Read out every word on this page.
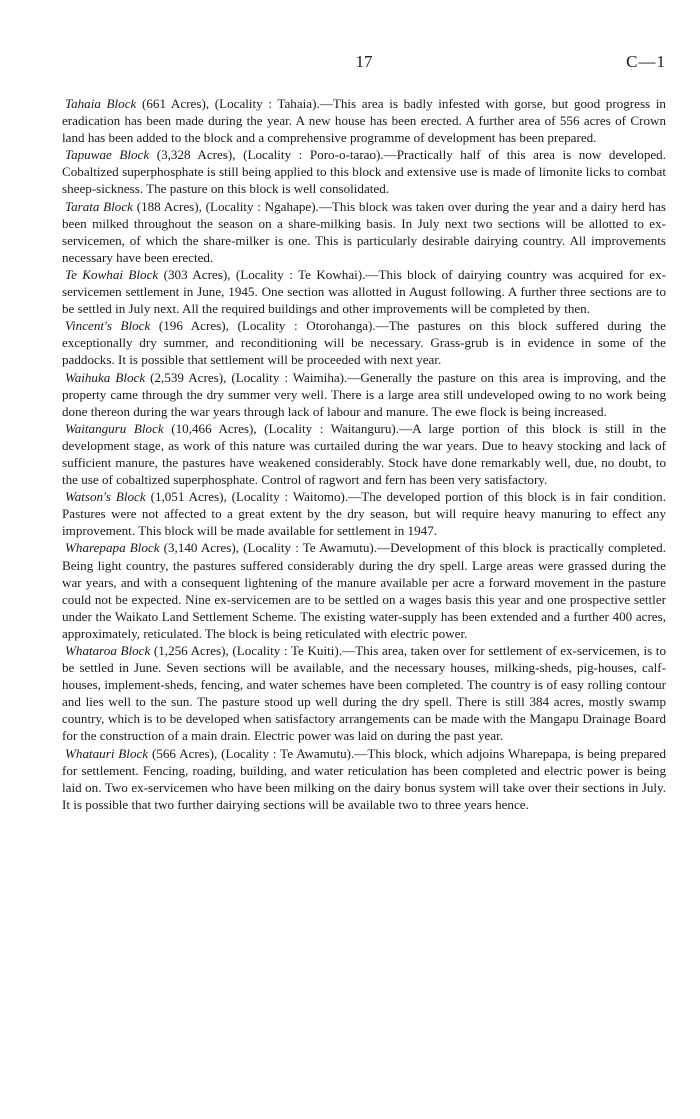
17	C—1

Tahaia Block (661 Acres), (Locality : Tahaia).—This area is badly infested with gorse, but good progress in eradication has been made during the year. A new house has been erected. A further area of 556 acres of Crown land has been added to the block and a comprehensive programme of development has been prepared.

Tapuwae Block (3,328 Acres), (Locality : Poro-o-tarao).—Practically half of this area is now developed. Cobaltized superphosphate is still being applied to this block and extensive use is made of limonite licks to combat sheep-sickness. The pasture on this block is well consolidated.

Tarata Block (188 Acres), (Locality : Ngahape).—This block was taken over during the year and a dairy herd has been milked throughout the season on a share-milking basis. In July next two sections will be allotted to ex-servicemen, of which the share-milker is one. This is particularly desirable dairying country. All improvements necessary have been erected.

Te Kowhai Block (303 Acres), (Locality : Te Kowhai).—This block of dairying country was acquired for ex-servicemen settlement in June, 1945. One section was allotted in August following. A further three sections are to be settled in July next. All the required buildings and other improvements will be completed by then.

Vincent's Block (196 Acres), (Locality : Otorohanga).—The pastures on this block suffered during the exceptionally dry summer, and reconditioning will be necessary. Grass-grub is in evidence in some of the paddocks. It is possible that settlement will be proceeded with next year.

Waihuka Block (2,539 Acres), (Locality : Waimiha).—Generally the pasture on this area is improving, and the property came through the dry summer very well. There is a large area still undeveloped owing to no work being done thereon during the war years through lack of labour and manure. The ewe flock is being increased.

Waitanguru Block (10,466 Acres), (Locality : Waitanguru).—A large portion of this block is still in the development stage, as work of this nature was curtailed during the war years. Due to heavy stocking and lack of sufficient manure, the pastures have weakened considerably. Stock have done remarkably well, due, no doubt, to the use of cobaltized superphosphate. Control of ragwort and fern has been very satisfactory.

Watson's Block (1,051 Acres), (Locality : Waitomo).—The developed portion of this block is in fair condition. Pastures were not affected to a great extent by the dry season, but will require heavy manuring to effect any improvement. This block will be made available for settlement in 1947.

Wharepapa Block (3,140 Acres), (Locality : Te Awamutu).—Development of this block is practically completed. Being light country, the pastures suffered considerably during the dry spell. Large areas were grassed during the war years, and with a consequent lightening of the manure available per acre a forward movement in the pasture could not be expected. Nine ex-servicemen are to be settled on a wages basis this year and one prospective settler under the Waikato Land Settlement Scheme. The existing water-supply has been extended and a further 400 acres, approximately, reticulated. The block is being reticulated with electric power.

Whataroa Block (1,256 Acres), (Locality : Te Kuiti).—This area, taken over for settlement of ex-servicemen, is to be settled in June. Seven sections will be available, and the necessary houses, milking-sheds, pig-houses, calf-houses, implement-sheds, fencing, and water schemes have been completed. The country is of easy rolling contour and lies well to the sun. The pasture stood up well during the dry spell. There is still 384 acres, mostly swamp country, which is to be developed when satisfactory arrangements can be made with the Mangapu Drainage Board for the construction of a main drain. Electric power was laid on during the past year.

Whatauri Block (566 Acres), (Locality : Te Awamutu).—This block, which adjoins Wharepapa, is being prepared for settlement. Fencing, roading, building, and water reticulation has been completed and electric power is being laid on. Two ex-servicemen who have been milking on the dairy bonus system will take over their sections in July. It is possible that two further dairying sections will be available two to three years hence.
